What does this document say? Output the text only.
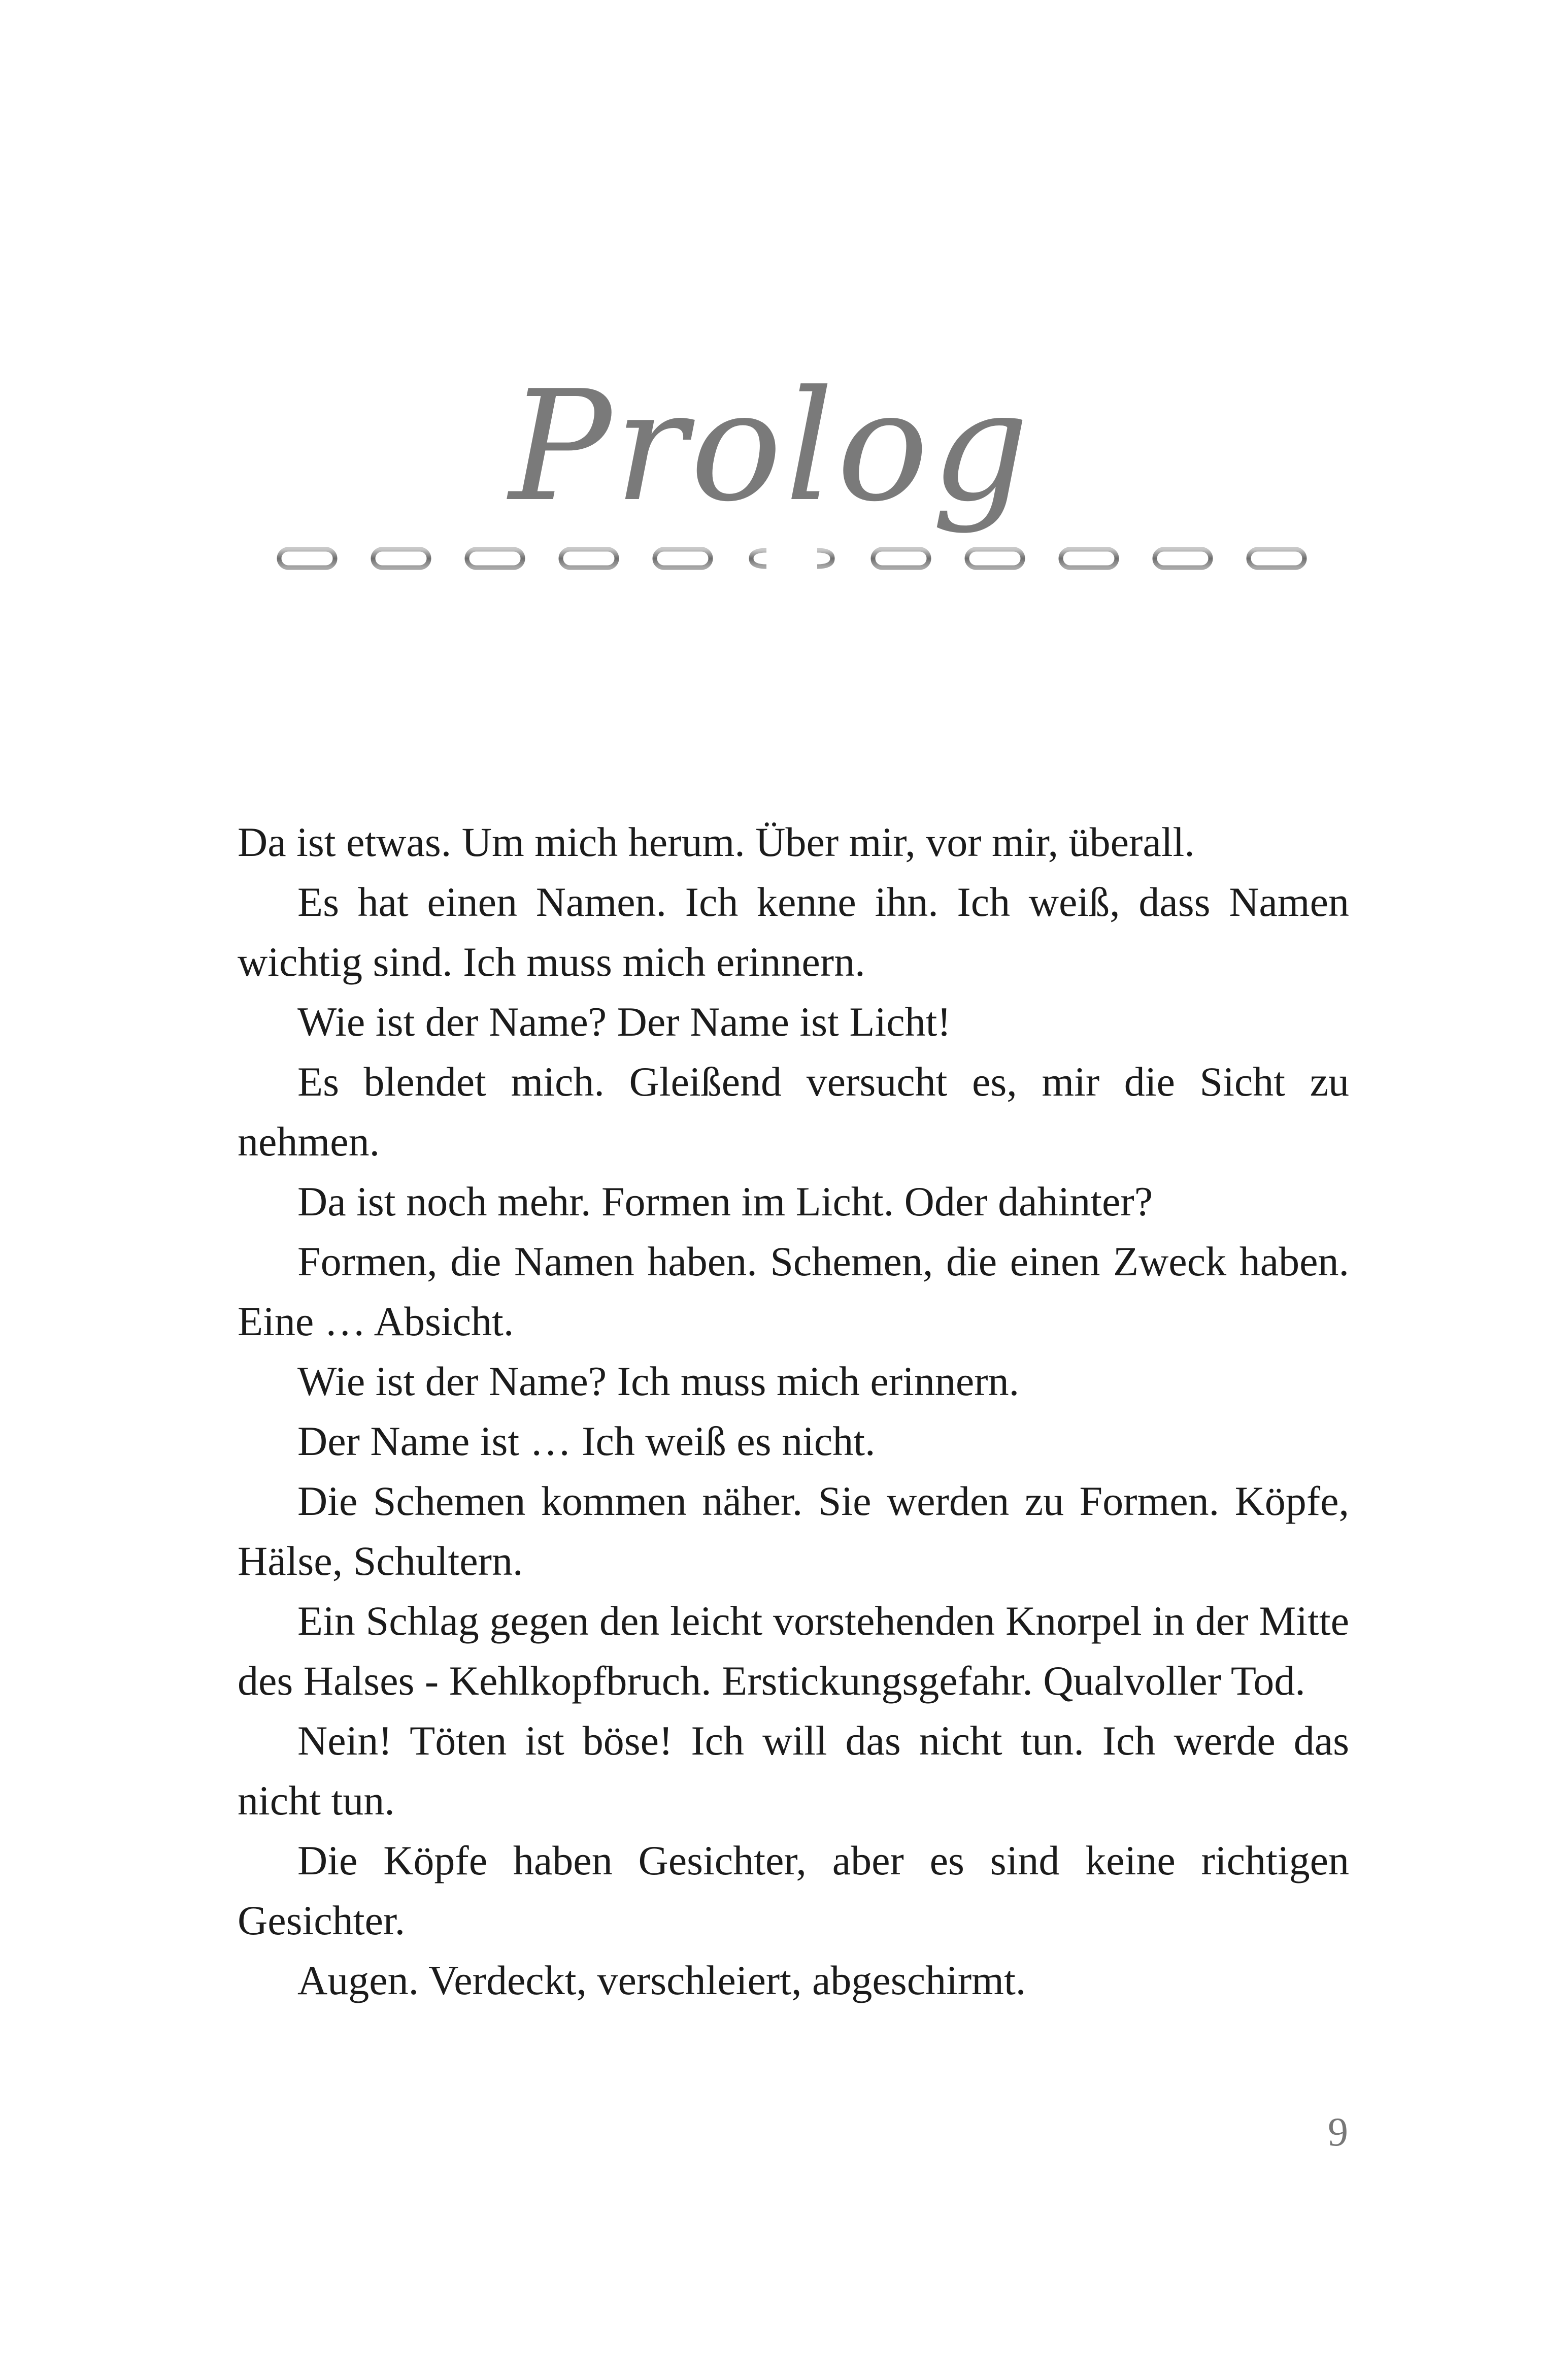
Prolog

Da ist etwas. Um mich herum. Über mir, vor mir, überall.

Es hat einen Namen. Ich kenne ihn. Ich weiß, dass Namen wichtig sind. Ich muss mich erinnern.

Wie ist der Name? Der Name ist Licht!

Es blendet mich. Gleißend versucht es, mir die Sicht zu nehmen.

Da ist noch mehr. Formen im Licht. Oder dahinter?

Formen, die Namen haben. Schemen, die einen Zweck haben. Eine … Absicht.

Wie ist der Name? Ich muss mich erinnern.

Der Name ist … Ich weiß es nicht.

Die Schemen kommen näher. Sie werden zu Formen. Köpfe, Hälse, Schultern.

Ein Schlag gegen den leicht vorstehenden Knorpel in der Mitte des Halses - Kehlkopfbruch. Erstickungsgefahr. Qualvoller Tod.

Nein! Töten ist böse! Ich will das nicht tun. Ich werde das nicht tun.

Die Köpfe haben Gesichter, aber es sind keine richtigen Gesichter.

Augen. Verdeckt, verschleiert, abgeschirmt.

9
